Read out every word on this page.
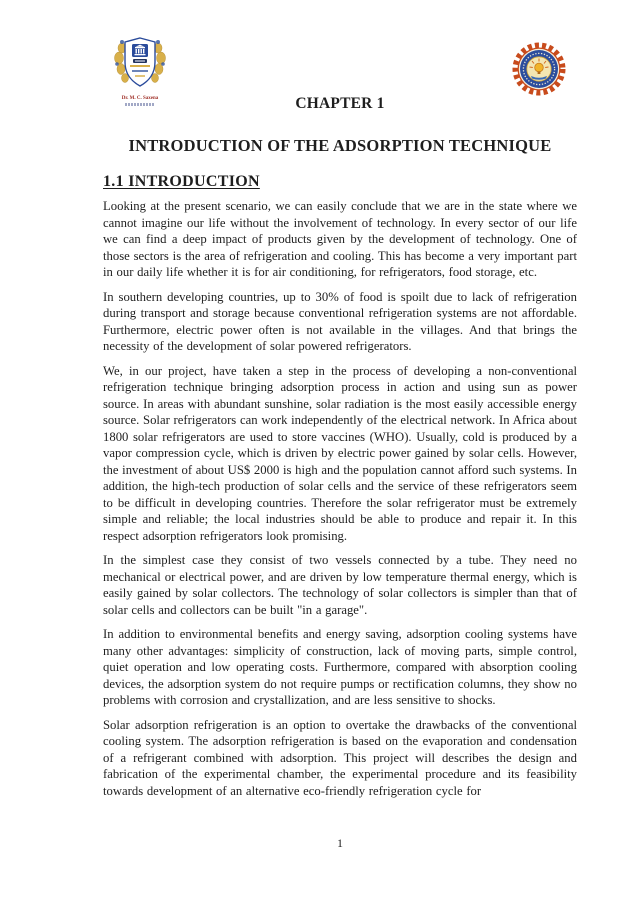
Dr. M. C. Saxena	CHAPTER 1
INTRODUCTION OF THE ADSORPTION TECHNIQUE
1.1 INTRODUCTION

Looking at the present scenario, we can easily conclude that we are in the state where we cannot imagine our life without the involvement of technology. In every sector of our life we can find a deep impact of products given by the development of technology. One of those sectors is the area of refrigeration and cooling. This has become a very important part in our daily life whether it is for air conditioning, for refrigerators, food storage, etc.

In southern developing countries, up to 30% of food is spoilt due to lack of refrigeration during transport and storage because conventional refrigeration systems are not affordable. Furthermore, electric power often is not available in the villages. And that brings the necessity of the development of solar powered refrigerators.

We, in our project, have taken a step in the process of developing a non-conventional refrigeration technique bringing adsorption process in action and using sun as power source. In areas with abundant sunshine, solar radiation is the most easily accessible energy source. Solar refrigerators can work independently of the electrical network. In Africa about 1800 solar refrigerators are used to store vaccines (WHO). Usually, cold is produced by a vapor compression cycle, which is driven by electric power gained by solar cells. However, the investment of about US$ 2000 is high and the population cannot afford such systems. In addition, the high-tech production of solar cells and the service of these refrigerators seem to be difficult in developing countries. Therefore the solar refrigerator must be extremely simple and reliable; the local industries should be able to produce and repair it. In this respect adsorption refrigerators look promising.

In the simplest case they consist of two vessels connected by a tube. They need no mechanical or electrical power, and are driven by low temperature thermal energy, which is easily gained by solar collectors. The technology of solar collectors is simpler than that of solar cells and collectors can be built "in a garage".

In addition to environmental benefits and energy saving, adsorption cooling systems have many other advantages: simplicity of construction, lack of moving parts, simple control, quiet operation and low operating costs. Furthermore, compared with absorption cooling devices, the adsorption system do not require pumps or rectification columns, they show no problems with corrosion and crystallization, and are less sensitive to shocks.

Solar adsorption refrigeration is an option to overtake the drawbacks of the conventional cooling system. The adsorption refrigeration is based on the evaporation and condensation of a refrigerant combined with adsorption. This project will describes the design and fabrication of the experimental chamber, the experimental procedure and its feasibility towards development of an alternative eco-friendly refrigeration cycle for

1
